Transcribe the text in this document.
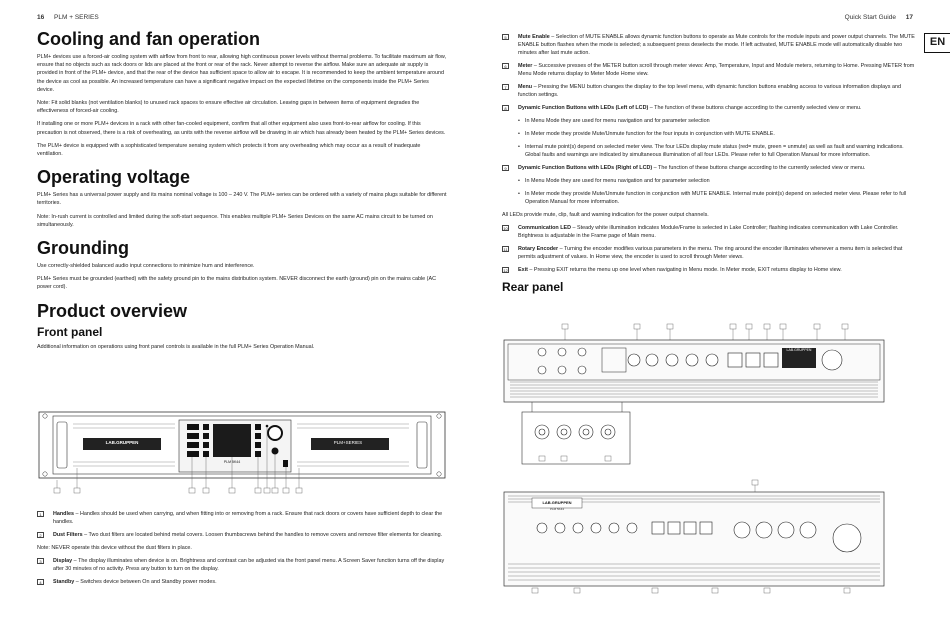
16 PLM + SERIES
Cooling and fan operation

PLM+ devices use a forced-air cooling system with airflow from front to rear, allowing high continuous power levels without thermal problems. To facilitate maximum air flow, ensure that no objects such as rack doors or lids are placed at the front or rear of the rack. Never attempt to reverse the airflow. Make sure an adequate air supply is provided in front of the PLM+ device, and that the rear of the device has sufficient space to allow air to escape. It is recommended to keep the ambient temperature around the device as cool as possible. An increased temperature can have a significant negative impact on the expected lifetime on the components inside the PLM+ Series device.

Note: Fit solid blanks (not ventilation blanks) to unused rack spaces to ensure effective air circulation. Leaving gaps in between items of equipment degrades the effectiveness of forced-air cooling.

If installing one or more PLM+ devices in a rack with other fan-cooled equipment, confirm that all other equipment also uses front-to-rear airflow for cooling. If this precaution is not observed, there is a risk of overheating, as units with the reverse airflow will be drawing in air which has already been heated by the PLM+ Series devices.

The PLM+ device is equipped with a sophisticated temperature sensing system which protects it from any overheating which may occur as a result of inadequate ventilation.

Operating voltage

PLM+ Series has a universal power supply and its mains nominal voltage is 100 – 240 V. The PLM+ series can be ordered with a variety of mains plugs suitable for different territories.

Note: In-rush current is controlled and limited during the soft-start sequence. This enables multiple PLM+ Series Devices on the same AC mains circuit to be turned on simultaneously.

Grounding

Use correctly-shielded balanced audio input connections to minimize hum and interference.

PLM+ Series must be grounded (earthed) with the safety ground pin to the mains distribution system. NEVER disconnect the earth (ground) pin on the mains cable (AC power cord).

Product overview
Front panel

Additional information on operations using front panel controls is available in the full PLM+ Series Operation Manual.

LAB.GRUPPEN	PLM+SERIES
PLM 5K44
1	Handles – Handles should be used when carrying, and when fitting into or removing from a rack. Ensure that rack doors or covers have sufficient depth to clear the handles.
2	Dust Filters – Two dust filters are located behind metal covers. Loosen thumbscrews behind the handles to remove covers and remove filter elements for cleaning.
Note: NEVER operate this device without the dust filters in place.
3	Display – The display illuminates when device is on. Brightness and contrast can be adjusted via the front panel menu. A Screen Saver function turns off the display after 30 minutes of no activity. Press any button to turn on the display.
4	Standby – Switches device between On and Standby power modes.
Quick Start Guide 17
EN
5	Mute Enable – Selection of MUTE ENABLE allows dynamic function buttons to operate as Mute controls for the module inputs and power output channels. The MUTE ENABLE button flashes when the mode is selected; a subsequent press deselects the mode. If left activated, MUTE ENABLE mode will automatically disable two minutes after last mute action.
6	Meter – Successive presses of the METER button scroll through meter views: Amp, Temperature, Input and Module meters, returning to Home. Pressing METER from Menu Mode returns display to Meter Mode Home view.
7	Menu – Pressing the MENU button changes the display to the top level menu, with dynamic function buttons enabling access to various information displays and function settings.
8	Dynamic Function Buttons with LEDs (Left of LCD) – The function of these buttons change according to the currently selected view or menu.
• In Menu Mode they are used for menu navigation and for parameter selection
• In Meter mode they provide Mute/Unmute function for the four inputs in conjunction with MUTE ENABLE.
• Internal mute point(s) depend on selected meter view. The four LEDs display mute status (red= mute, green = unmute) as well as fault and warning indications. Global faults and warnings are indicated by simultaneous illumination of all four LEDs. Please refer to full Operation Manual for more information.
9	Dynamic Function Buttons with LEDs (Right of LCD) – The function of these buttons change according to the currently selected view or menu.
• In Menu Mode they are used for menu navigation and for parameter selection
• In Meter mode they provide Mute/Unmute function in conjunction with MUTE ENABLE. Internal mute point(s) depend on selected meter view. Please refer to full Operation Manual for more information.
All LEDs provide mute, clip, fault and warning indication for the power output channels.
10 Communication LED – Steady white illumination indicates Module/Frame is selected in Lake Controller; flashing indicates communication with Lake Controller. Brightness is adjustable in the Frame page of Main menu.
11 Rotary Encoder – Turning the encoder modifies various parameters in the menu. The ring around the encoder illuminates whenever a menu item is selected that permits adjustment of values. In Home view, the encoder is used to scroll through Meter views.
12 Exit – Pressing EXIT returns the menu up one level when navigating in Menu mode. In Meter mode, EXIT returns display to Home view.
Rear panel
LAB.GRUPPEN
LAB.GRUPPEN
PLM 5K44
